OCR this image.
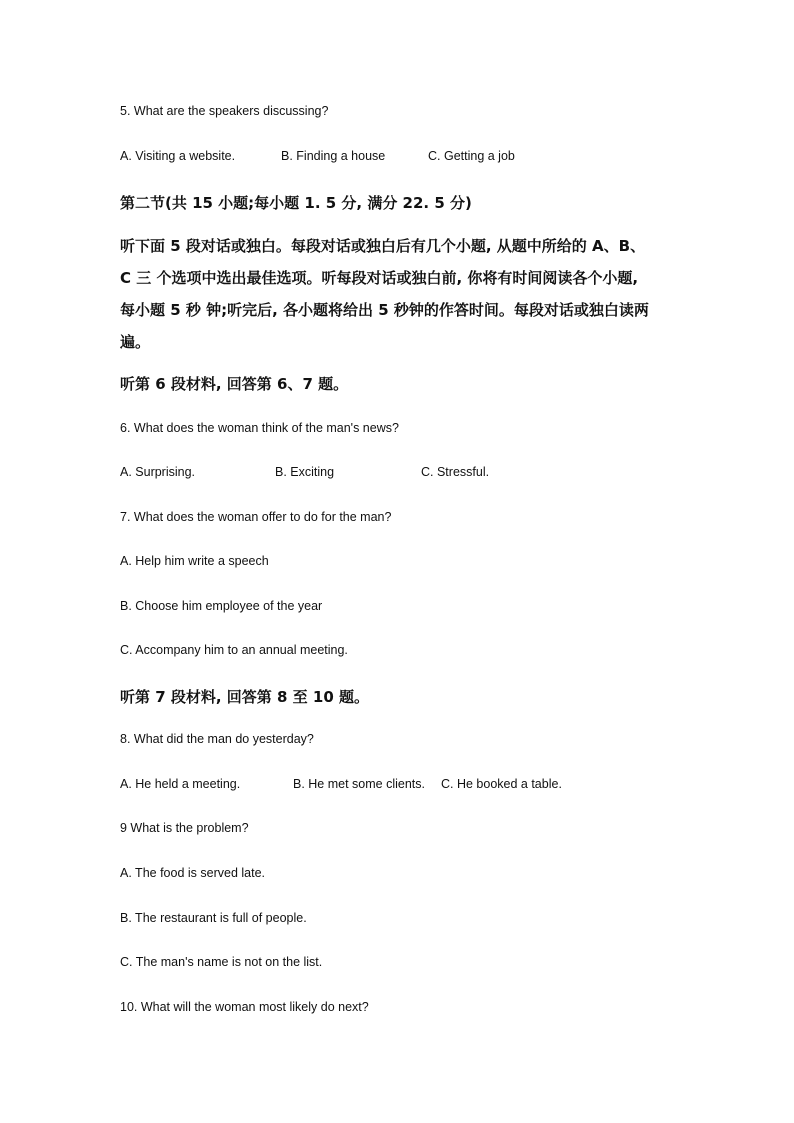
5. What are the speakers discussing?
A. Visiting a website.	B. Finding a house	C. Getting a job
第二节(共 15 小题;每小题 1. 5 分, 满分 22. 5 分)
听下面 5 段对话或独白。每段对话或独白后有几个小题, 从题中所给的 A、B、
C 三 个选项中选出最佳选项。听每段对话或独白前, 你将有时间阅读各个小题,
每小题 5 秒 钟;听完后, 各小题将给出 5 秒钟的作答时间。每段对话或独白读两
遍。
听第 6 段材料, 回答第 6、7 题。
6. What does the woman think of the man's news?
A. Surprising.	B. Exciting	C. Stressful.
7. What does the woman offer to do for the man?
A. Help him write a speech
B. Choose him employee of the year
C. Accompany him to an annual meeting.
听第 7 段材料, 回答第 8 至 10 题。
8. What did the man do yesterday?
A. He held a meeting.	B. He met some clients. C. He booked a table.
9 What is the problem?
A. The food is served late.
B. The restaurant is full of people.
C. The man's name is not on the list.
10. What will the woman most likely do next?
